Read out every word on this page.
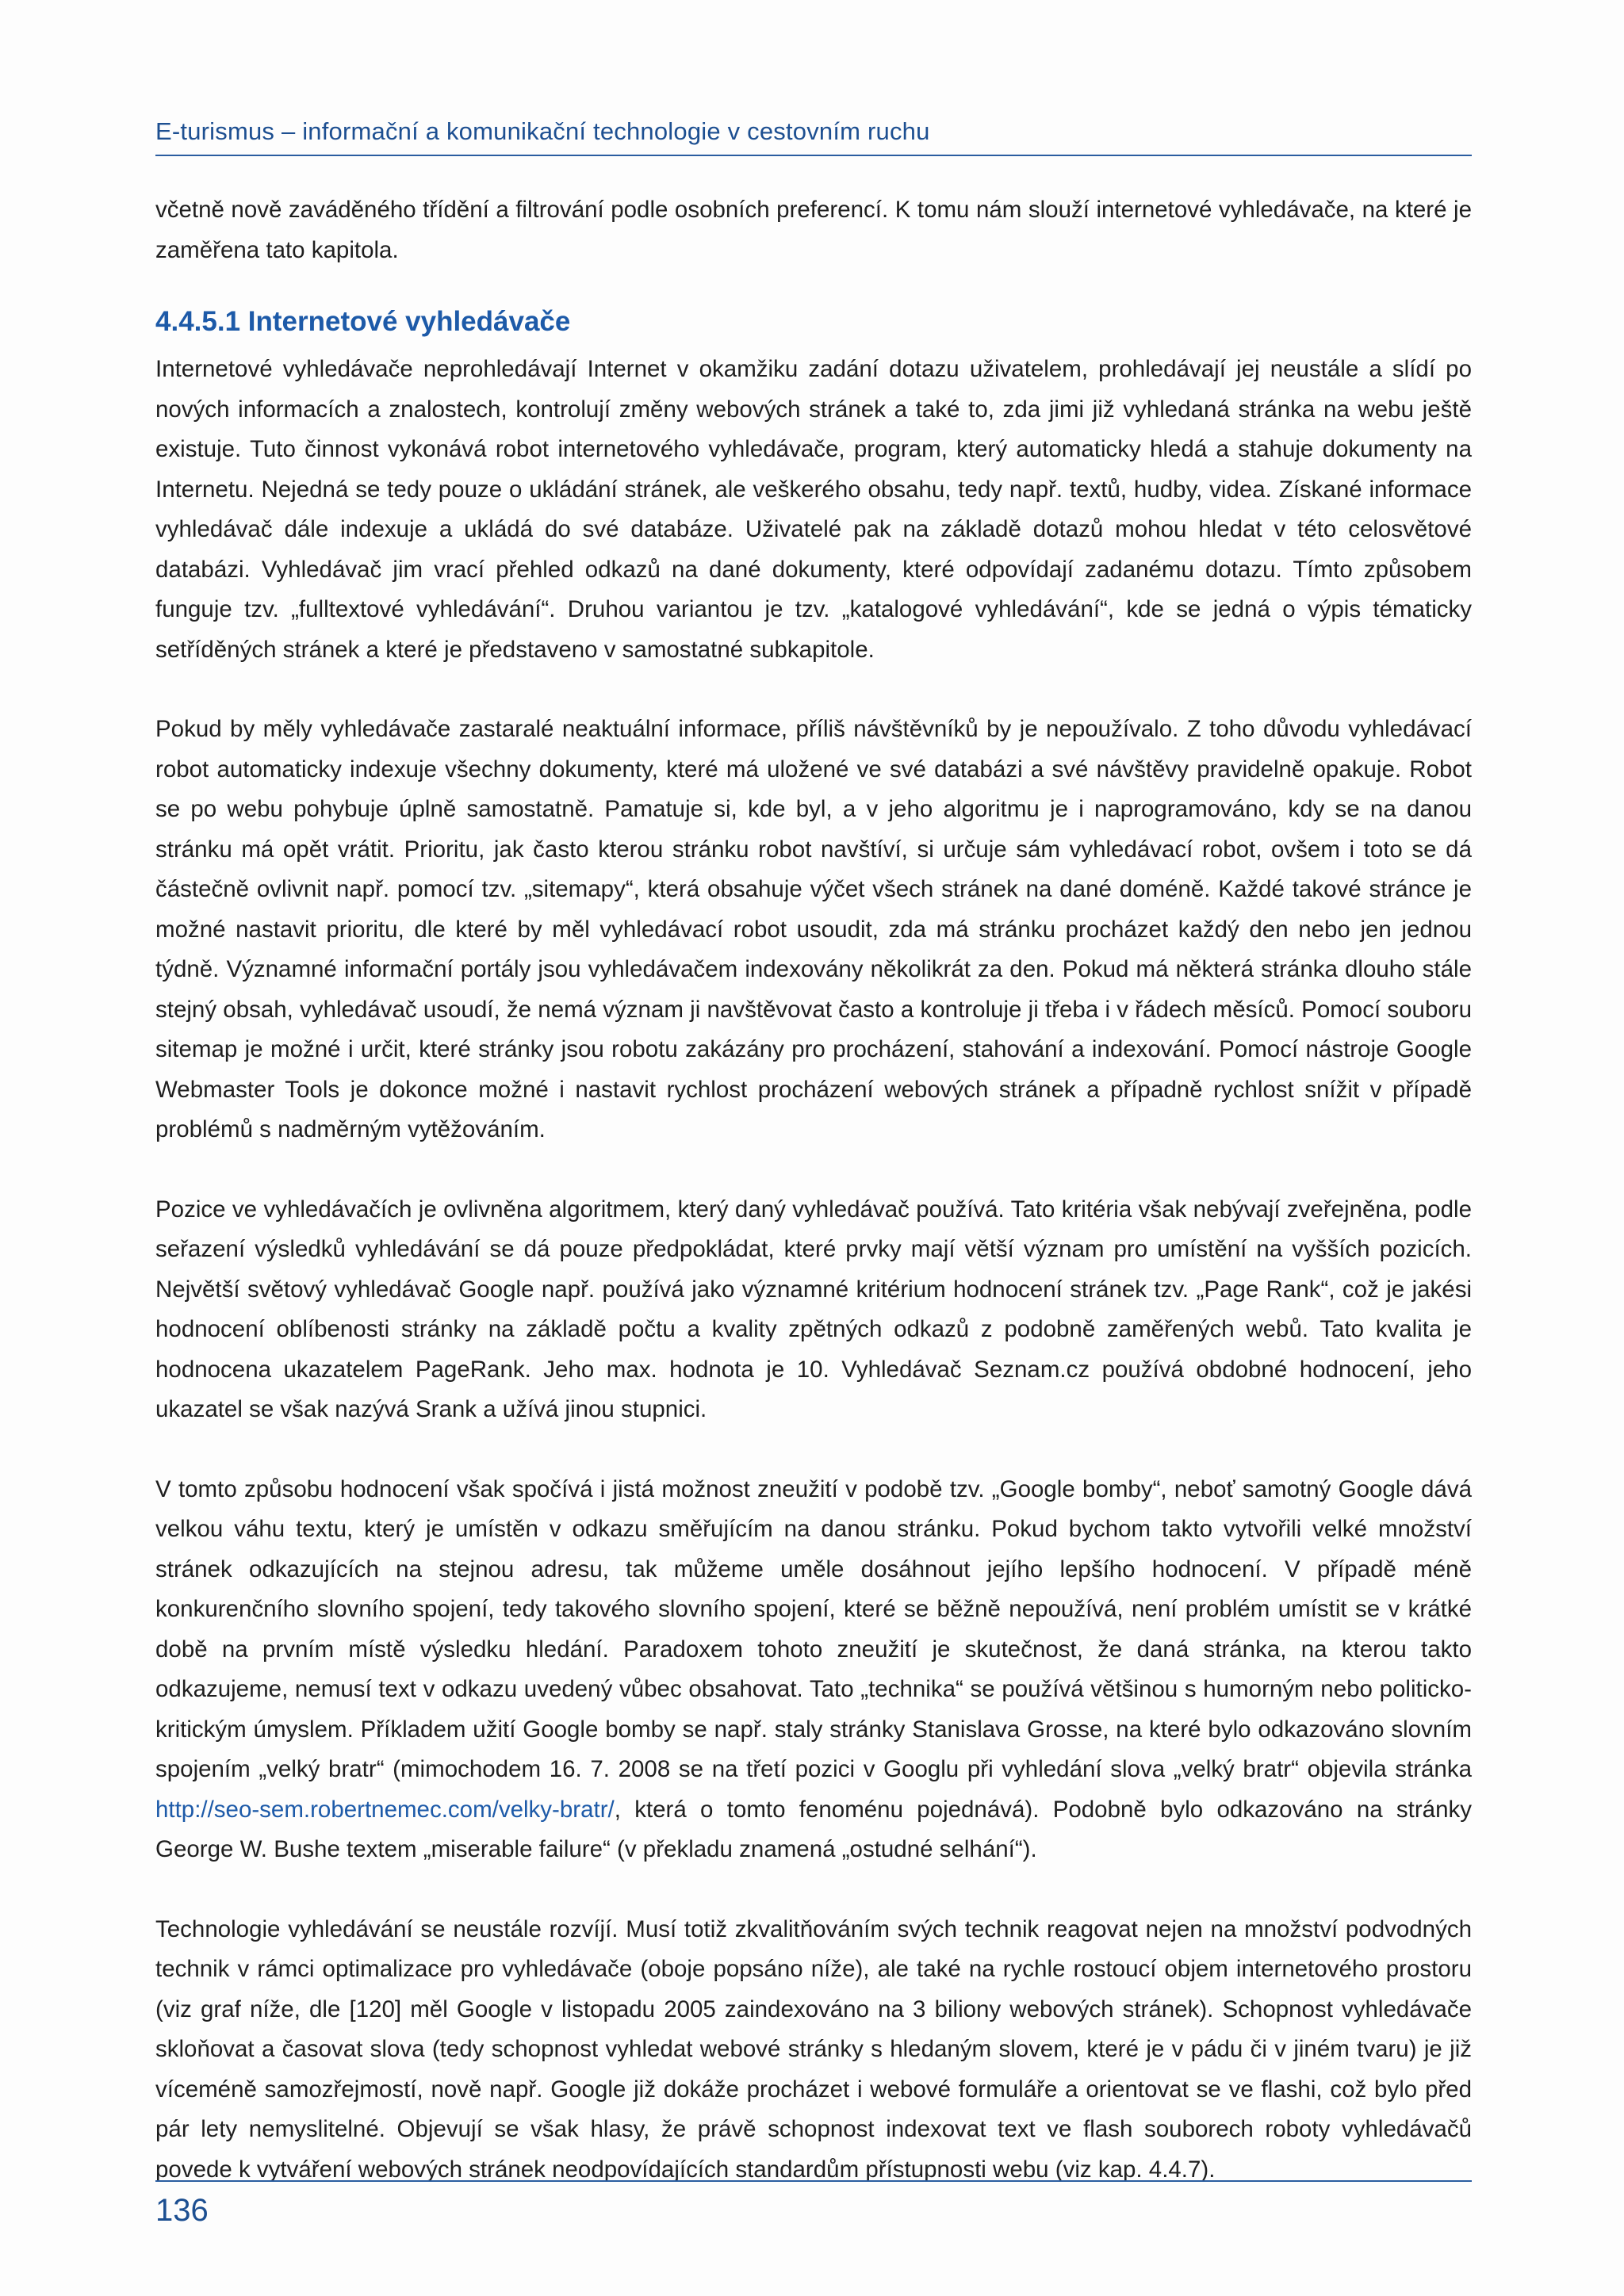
E-turismus – informační a komunikační technologie v cestovním ruchu

včetně nově zaváděného třídění a filtrování podle osobních preferencí. K tomu nám slouží internetové vyhledávače, na které je zaměřena tato kapitola.

4.4.5.1 Internetové vyhledávače

Internetové vyhledávače neprohledávají Internet v okamžiku zadání dotazu uživatelem, prohledávají jej neustále a slídí po nových informacích a znalostech, kontrolují změny webových stránek a také to, zda jimi již vyhledaná stránka na webu ještě existuje. Tuto činnost vykonává robot internetového vyhledávače, program, který automaticky hledá a stahuje dokumenty na Internetu. Nejedná se tedy pouze o ukládání stránek, ale veškerého obsahu, tedy např. textů, hudby, videa. Získané informace vyhledávač dále indexuje a ukládá do své databáze. Uživatelé pak na základě dotazů mohou hledat v této celosvětové databázi. Vyhledávač jim vrací přehled odkazů na dané dokumenty, které odpovídají zadanému dotazu. Tímto způsobem funguje tzv. „fulltextové vyhledávání“. Druhou variantou je tzv. „katalogové vyhledávání“, kde se jedná o výpis tématicky setříděných stránek a které je představeno v samostatné subkapitole.

Pokud by měly vyhledávače zastaralé neaktuální informace, příliš návštěvníků by je nepoužívalo. Z toho důvodu vyhledávací robot automaticky indexuje všechny dokumenty, které má uložené ve své databázi a své návštěvy pravidelně opakuje. Robot se po webu pohybuje úplně samostatně. Pamatuje si, kde byl, a v jeho algoritmu je i naprogramováno, kdy se na danou stránku má opět vrátit. Prioritu, jak často kterou stránku robot navštíví, si určuje sám vyhledávací robot, ovšem i toto se dá částečně ovlivnit např. pomocí tzv. „sitemapy“, která obsahuje výčet všech stránek na dané doméně. Každé takové stránce je možné nastavit prioritu, dle které by měl vyhledávací robot usoudit, zda má stránku procházet každý den nebo jen jednou týdně. Významné informační portály jsou vyhledávačem indexovány několikrát za den. Pokud má některá stránka dlouho stále stejný obsah, vyhledávač usoudí, že nemá význam ji navštěvovat často a kontroluje ji třeba i v řádech měsíců. Pomocí souboru sitemap je možné i určit, které stránky jsou robotu zakázány pro procházení, stahování a indexování. Pomocí nástroje Google Webmaster Tools je dokonce možné i nastavit rychlost procházení webových stránek a případně rychlost snížit v případě problémů s nadměrným vytěžováním.

Pozice ve vyhledávačích je ovlivněna algoritmem, který daný vyhledávač používá. Tato kritéria však nebývají zveřejněna, podle seřazení výsledků vyhledávání se dá pouze předpokládat, které prvky mají větší význam pro umístění na vyšších pozicích. Největší světový vyhledávač Google např. používá jako významné kritérium hodnocení stránek tzv. „Page Rank“, což je jakési hodnocení oblíbenosti stránky na základě počtu a kvality zpětných odkazů z podobně zaměřených webů. Tato kvalita je hodnocena ukazatelem PageRank. Jeho max. hodnota je 10. Vyhledávač Seznam.cz používá obdobné hodnocení, jeho ukazatel se však nazývá Srank a užívá jinou stupnici.

V tomto způsobu hodnocení však spočívá i jistá možnost zneužití v podobě tzv. „Google bomby“, neboť samotný Google dává velkou váhu textu, který je umístěn v odkazu směřujícím na danou stránku. Pokud bychom takto vytvořili velké množství stránek odkazujících na stejnou adresu, tak můžeme uměle dosáhnout jejího lepšího hodnocení. V případě méně konkurenčního slovního spojení, tedy takového slovního spojení, které se běžně nepoužívá, není problém umístit se v krátké době na prvním místě výsledku hledání. Paradoxem tohoto zneužití je skutečnost, že daná stránka, na kterou takto odkazujeme, nemusí text v odkazu uvedený vůbec obsahovat. Tato „technika“ se používá většinou s humorným nebo politicko-kritickým úmyslem. Příkladem užití Google bomby se např. staly stránky Stanislava Grosse, na které bylo odkazováno slovním spojením „velký bratr“ (mimochodem 16. 7. 2008 se na třetí pozici v Googlu při vyhledání slova „velký bratr“ objevila stránka http://seo-sem.robertnemec.com/velky-bratr/, která o tomto fenoménu pojednává). Podobně bylo odkazováno na stránky George W. Bushe textem „miserable failure“ (v překladu znamená „ostudné selhání“).

Technologie vyhledávání se neustále rozvíjí. Musí totiž zkvalitňováním svých technik reagovat nejen na množství podvodných technik v rámci optimalizace pro vyhledávače (oboje popsáno níže), ale také na rychle rostoucí objem internetového prostoru (viz graf níže, dle [120] měl Google v listopadu 2005 zaindexováno na 3 biliony webových stránek). Schopnost vyhledávače skloňovat a časovat slova (tedy schopnost vyhledat webové stránky s hledaným slovem, které je v pádu či v jiném tvaru) je již víceméně samozřejmostí, nově např. Google již dokáže procházet i webové formuláře a orientovat se ve flashi, což bylo před pár lety nemyslitelné. Objevují se však hlasy, že právě schopnost indexovat text ve flash souborech roboty vyhledávačů povede k vytváření webových stránek neodpovídajících standardům přístupnosti webu (viz kap. 4.4.7).

136
